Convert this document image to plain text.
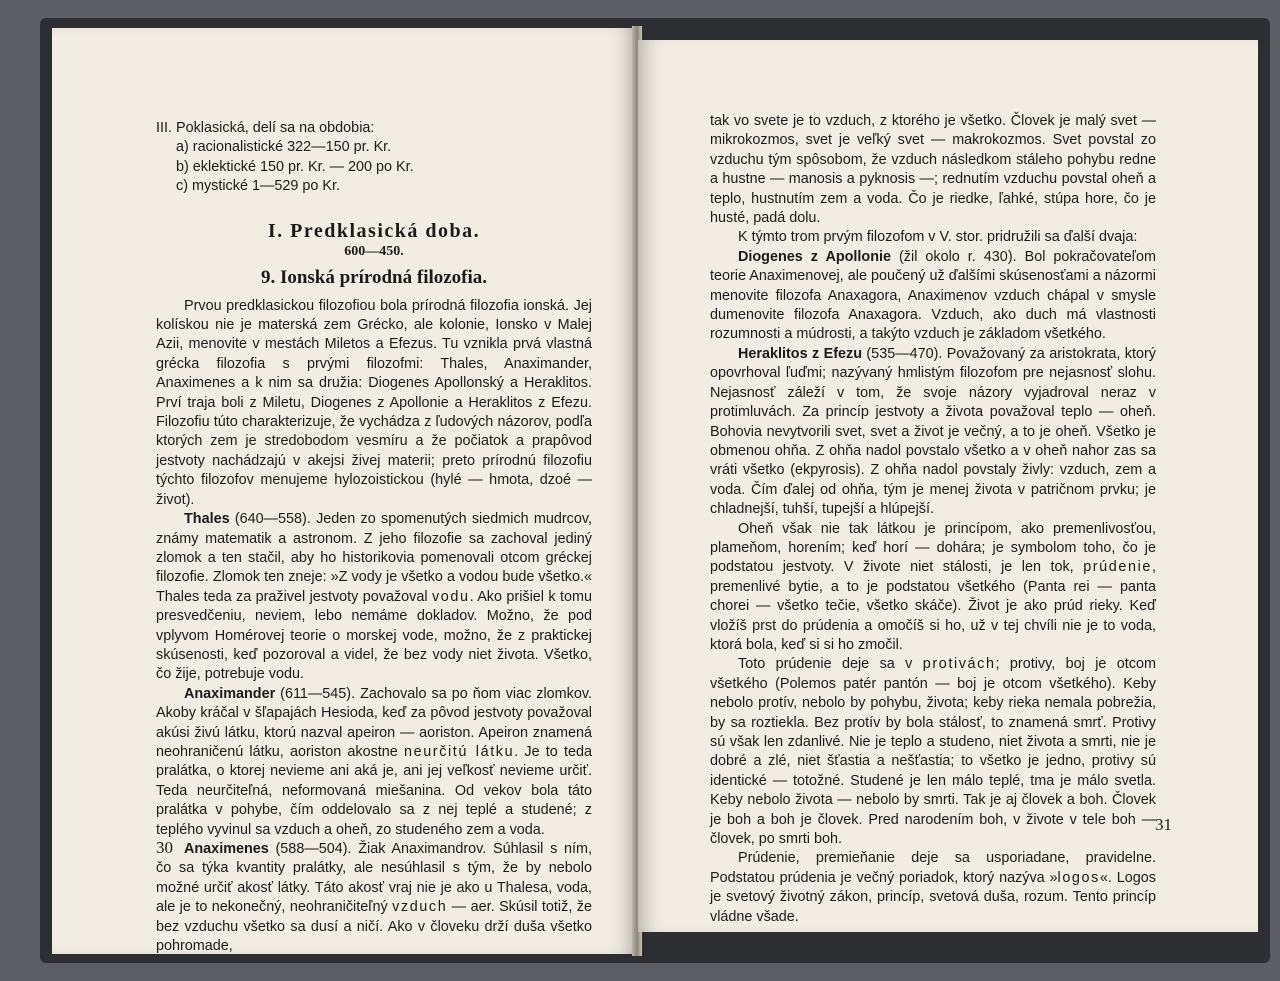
III. Poklasická, delí sa na obdobia:
a) racionalistické 322—150 pr. Kr.
b) eklektické 150 pr. Kr. — 200 po Kr.
c) mystické 1—529 po Kr.
I. Predklasická doba.
600—450.
9. Ionská prírodná filozofia.

Prvou predklasickou filozofiou bola prírodná filozofia ionská. Jej kolískou nie je materská zem Grécko, ale kolonie, Ionsko v Malej Azii, menovite v mestách Miletos a Efezus. Tu vznikla prvá vlastná grécka filozofia s prvými filozofmi: Thales, Anaximander, Anaximenes a k nim sa družia: Diogenes Apollonský a Heraklitos. Prví traja boli z Miletu, Diogenes z Apollonie a Heraklitos z Efezu. Filozofiu túto charakterizuje, že vychádza z ľudových názorov, podľa ktorých zem je stredobodom vesmíru a že počiatok a prapôvod jestvoty nachádzajú v akejsi živej materii; preto prírodnú filozofiu týchto filozofov menujeme hylozoistickou (hylé — hmota, dzoé — život).

Thales (640—558). Jeden zo spomenutých siedmich mudrcov, známy matematik a astronom. Z jeho filozofie sa zachoval jediný zlomok a ten stačil, aby ho historikovia pomenovali otcom gréckej filozofie. Zlomok ten zneje: »Z vody je všetko a vodou bude všetko.« Thales teda za praživel jestvoty považoval vodu. Ako prišiel k tomu presvedčeniu, neviem, lebo nemáme dokladov. Možno, že pod vplyvom Homérovej teorie o morskej vode, možno, že z praktickej skúsenosti, keď pozoroval a videl, že bez vody niet života. Všetko, čo žije, potrebuje vodu.

Anaximander (611—545). Zachovalo sa po ňom viac zlomkov. Akoby kráčal v šľapajách Hesioda, keď za pôvod jestvoty považoval akúsi živú látku, ktorú nazval apeiron — aoriston. Apeiron znamená neohraničenú látku, aoriston akostne neurčitú látku. Je to teda pralátka, o ktorej nevieme ani aká je, ani jej veľkosť nevieme určiť. Teda neurčiteľná, neformovaná miešanina. Od vekov bola táto pralátka v pohybe, čím oddelovalo sa z nej teplé a studené; z teplého vyvinul sa vzduch a oheň, zo studeného zem a voda.

Anaximenes (588—504). Žiak Anaximandrov. Súhlasil s ním, čo sa týka kvantity pralátky, ale nesúhlasil s tým, že by nebolo možné určiť akosť látky. Táto akosť vraj nie je ako u Thalesa, voda, ale je to nekonečný, neohraničiteľný vzduch — aer. Skúsil totiž, že bez vzduchu všetko sa dusí a ničí. Ako v človeku drží duša všetko pohromade,

30

tak vo svete je to vzduch, z ktorého je všetko. Človek je malý svet — mikrokozmos, svet je veľký svet — makrokozmos. Svet povstal zo vzduchu tým spôsobom, že vzduch následkom stáleho pohybu redne a hustne — manosis a pyknosis —; rednutím vzduchu povstal oheň a teplo, hustnutím zem a voda. Čo je riedke, ľahké, stúpa hore, čo je husté, padá dolu.

K týmto trom prvým filozofom v V. stor. pridružili sa ďalší dvaja:

Diogenes z Apollonie (žil okolo r. 430). Bol pokračovateľom teorie Anaximenovej, ale poučený už ďalšími skúsenosťami a názormi menovite filozofa Anaxagora, Anaximenov vzduch chápal v smysle dumenovite filozofa Anaxagora. Vzduch, ako duch má vlastnosti rozumnosti a múdrosti, a takýto vzduch je základom všetkého.

Heraklitos z Efezu (535—470). Považovaný za aristokrata, ktorý opovrhoval ľuďmi; nazývaný hmlistým filozofom pre nejasnosť slohu. Nejasnosť záleží v tom, že svoje názory vyjadroval neraz v protimluvách. Za princíp jestvoty a života považoval teplo — oheň. Bohovia nevytvorili svet, svet a život je večný, a to je oheň. Všetko je obmenou ohňa. Z ohňa nadol povstalo všetko a v oheň nahor zas sa vráti všetko (ekpyrosis). Z ohňa nadol povstaly živly: vzduch, zem a voda. Čím ďalej od ohňa, tým je menej života v patričnom prvku; je chladnejší, tuhší, tupejší a hlúpejší.

Oheň však nie tak látkou je princípom, ako premenlivosťou, plameňom, horením; keď horí — dohára; je symbolom toho, čo je podstatou jestvoty. V živote niet stálosti, je len tok, prúdenie, premenlivé bytie, a to je podstatou všetkého (Panta rei — panta chorei — všetko tečie, všetko skáče). Život je ako prúd rieky. Keď vložíš prst do prúdenia a omočíš si ho, už v tej chvíli nie je to voda, ktorá bola, keď si si ho zmočil.

Toto prúdenie deje sa v protivách; protivy, boj je otcom všetkého (Polemos patér pantón — boj je otcom všetkého). Keby nebolo protív, nebolo by pohybu, života; keby rieka nemala pobrežia, by sa roztiekla. Bez protív by bola stálosť, to znamená smrť. Protivy sú však len zdanlivé. Nie je teplo a studeno, niet života a smrti, nie je dobré a zlé, niet šťastia a nešťastia; to všetko je jedno, protivy sú identické — totožné. Studené je len málo teplé, tma je málo svetla. Keby nebolo života — nebolo by smrti. Tak je aj človek a boh. Človek je boh a boh je človek. Pred narodením boh, v živote v tele boh — človek, po smrti boh.

Prúdenie, premieňanie deje sa usporiadane, pravidelne. Podstatou prúdenia je večný poriadok, ktorý nazýva »logos«. Logos je svetový životný zákon, princíp, svetová duša, rozum. Tento princíp vládne všade.

31
